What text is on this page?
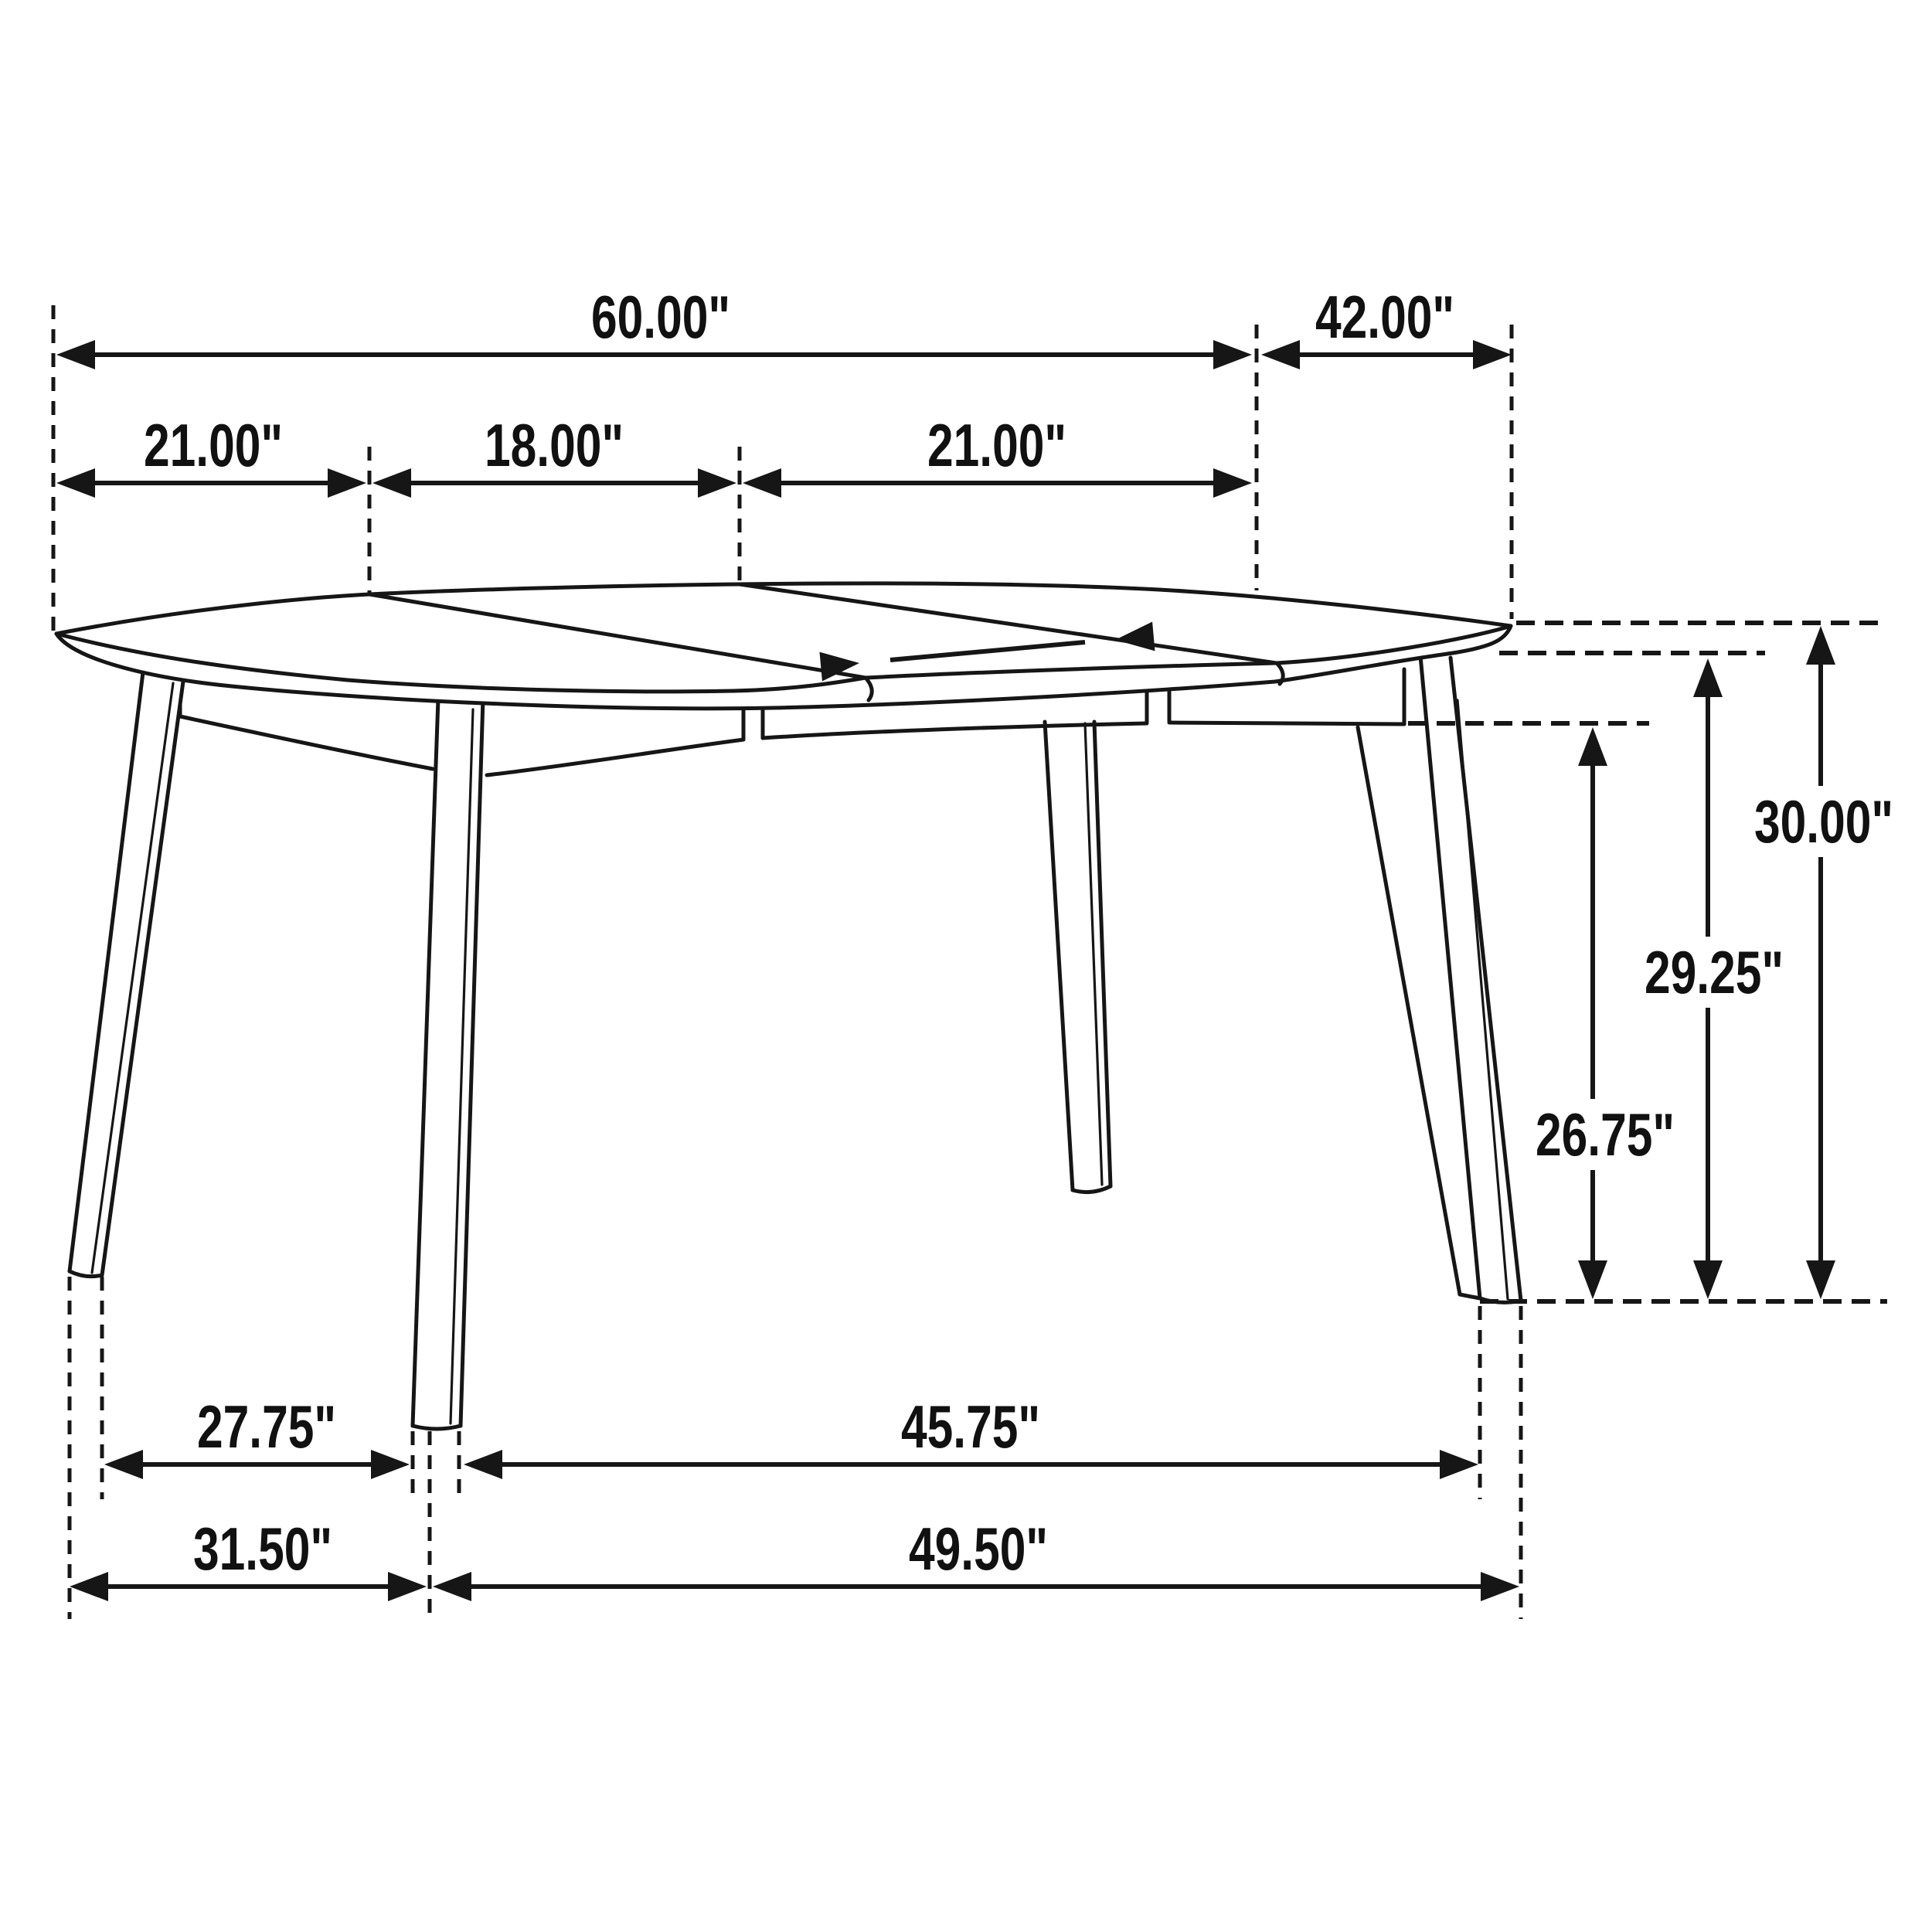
60.00"	42.00"
21.00"	18.00"	21.00"
30.00"
29.25"
26.75"
27.75"	45.75"
31.50"	49.50"
